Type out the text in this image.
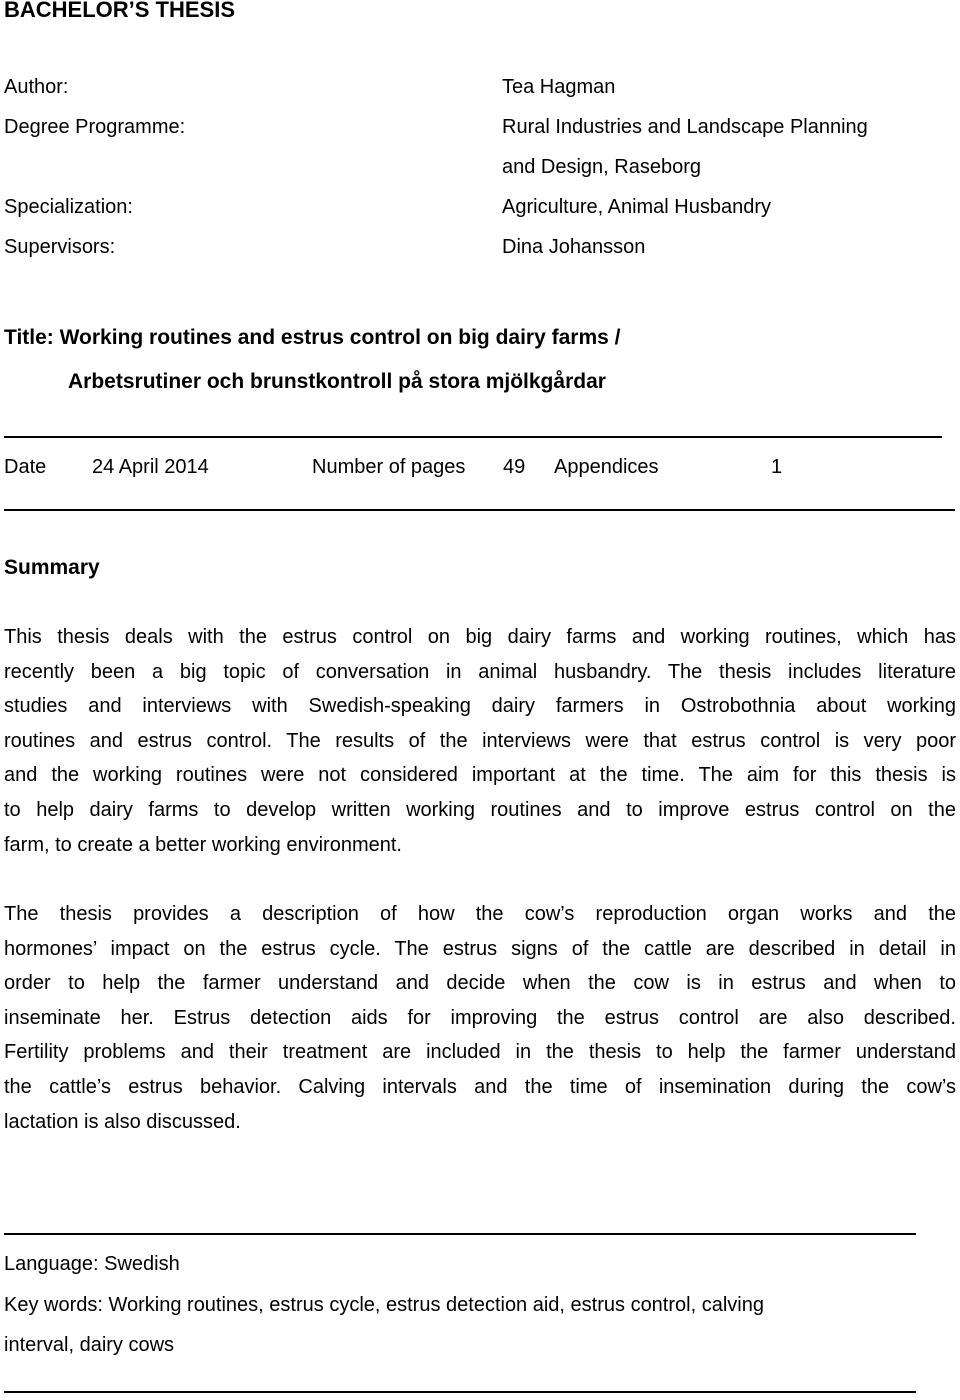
BACHELOR’S THESIS
Author:	Tea Hagman
Degree Programme:	Rural Industries and Landscape Planning
and Design, Raseborg
Specialization:	Agriculture, Animal Husbandry
Supervisors:	Dina Johansson
Title: Working routines and estrus control on big dairy farms /
Arbetsrutiner och brunstkontroll på stora mjölkgårdar
Date 24 April 2014	Number of pages 49 Appendices	1
Summary
This thesis deals with the estrus control on big dairy farms and working routines, which has
recently been a big topic of conversation in animal husbandry. The thesis includes literature
studies and interviews with Swedish-speaking dairy farmers in Ostrobothnia about working
routines and estrus control. The results of the interviews were that estrus control is very poor
and the working routines were not considered important at the time. The aim for this thesis is
to help dairy farms to develop written working routines and to improve estrus control on the
farm, to create a better working environment.
The thesis provides a description of how the cow’s reproduction organ works and the
hormones’ impact on the estrus cycle. The estrus signs of the cattle are described in detail in
order to help the farmer understand and decide when the cow is in estrus and when to
inseminate her. Estrus detection aids for improving the estrus control are also described.
Fertility problems and their treatment are included in the thesis to help the farmer understand
the cattle’s estrus behavior. Calving intervals and the time of insemination during the cow’s
lactation is also discussed.
Language: Swedish
Key words: Working routines, estrus cycle, estrus detection aid, estrus control, calving
interval, dairy cows
